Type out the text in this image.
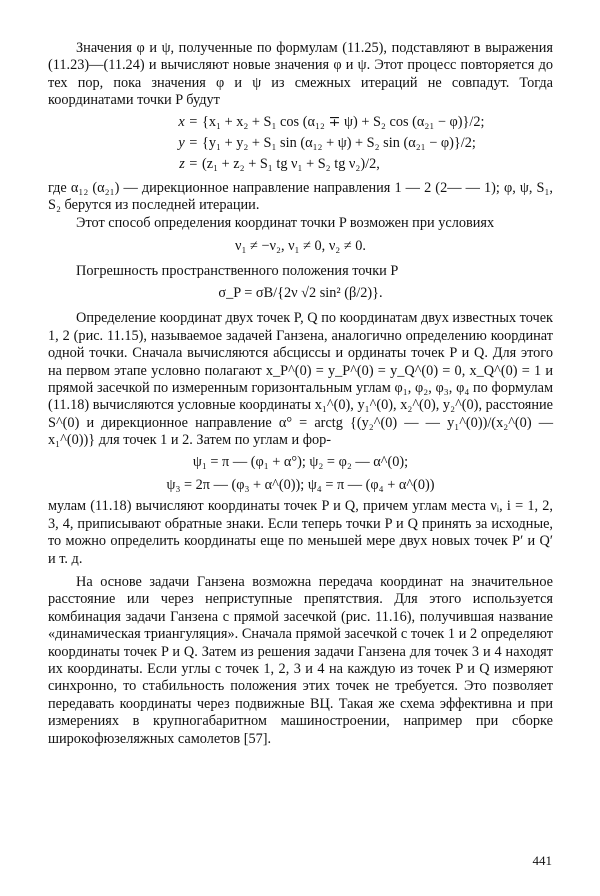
Значения φ и ψ, полученные по формулам (11.25), подставляют в выражения (11.23)—(11.24) и вычисляют новые значения φ и ψ. Этот процесс повторяется до тех пор, пока значения φ и ψ из смежных итераций не совпадут. Тогда координатами точки P будут

x = {x₁ + x₂ + S₁ cos (α₁₂ ∓ ψ) + S₂ cos (α₂₁ − φ)}/2;
y = {y₁ + y₂ + S₁ sin (α₁₂ + ψ) + S₂ sin (α₂₁ − φ)}/2;
z = (z₁ + z₂ + S₁ tg ν₁ + S₂ tg ν₂)/2,

где α₁₂ (α₂₁) — дирекционное направление направления 1 — 2 (2— — 1); φ, ψ, S₁, S₂ берутся из последней итерации.

Этот способ определения координат точки P возможен при условиях

ν₁ ≠ −ν₂, ν₁ ≠ 0, ν₂ ≠ 0.

Погрешность пространственного положения точки P

σ_P = σB/{2ν √2 sin² (β/2)}.

Определение координат двух точек P, Q по координатам двух известных точек 1, 2 (рис. 11.15), называемое задачей Ганзена, аналогично определению координат одной точки. Сначала вычисляются абсциссы и ординаты точек P и Q. Для этого на первом этапе условно полагают x_P^(0) = y_P^(0) = y_Q^(0) = 0, x_Q^(0) = 1 и прямой засечкой по измеренным горизонтальным углам φ₁, φ₂, φ₃, φ₄ по формулам (11.18) вычисляются условные координаты x₁^(0), y₁^(0), x₂^(0), y₂^(0), расстояние S^(0) и дирекционное направление α° = arctg {(y₂^(0) — — y₁^(0))/(x₂^(0) — x₁^(0))} для точек 1 и 2. Затем по углам и фор-

ψ₁ = π — (φ₁ + α°); ψ₂ = φ₂ — α^(0);
ψ₃ = 2π — (φ₃ + α^(0)); ψ₄ = π — (φ₄ + α^(0))

мулам (11.18) вычисляют координаты точек P и Q, причем углам места νᵢ, i = 1, 2, 3, 4, приписывают обратные знаки. Если теперь точки P и Q принять за исходные, то можно определить координаты еще по меньшей мере двух новых точек P′ и Q′ и т. д.

На основе задачи Ганзена возможна передача координат на значительное расстояние или через неприступные препятствия. Для этого используется комбинация задачи Ганзена с прямой засечкой (рис. 11.16), получившая название «динамическая триангуляция». Сначала прямой засечкой с точек 1 и 2 определяют координаты точек P и Q. Затем из решения задачи Ганзена для точек 3 и 4 находят их координаты. Если углы с точек 1, 2, 3 и 4 на каждую из точек P и Q измеряют синхронно, то стабильность положения этих точек не требуется. Это позволяет передавать координаты через подвижные ВЦ. Такая же схема эффективна и при измерениях в крупногабаритном машиностроении, например при сборке широкофюзеляжных самолетов [57].

441
